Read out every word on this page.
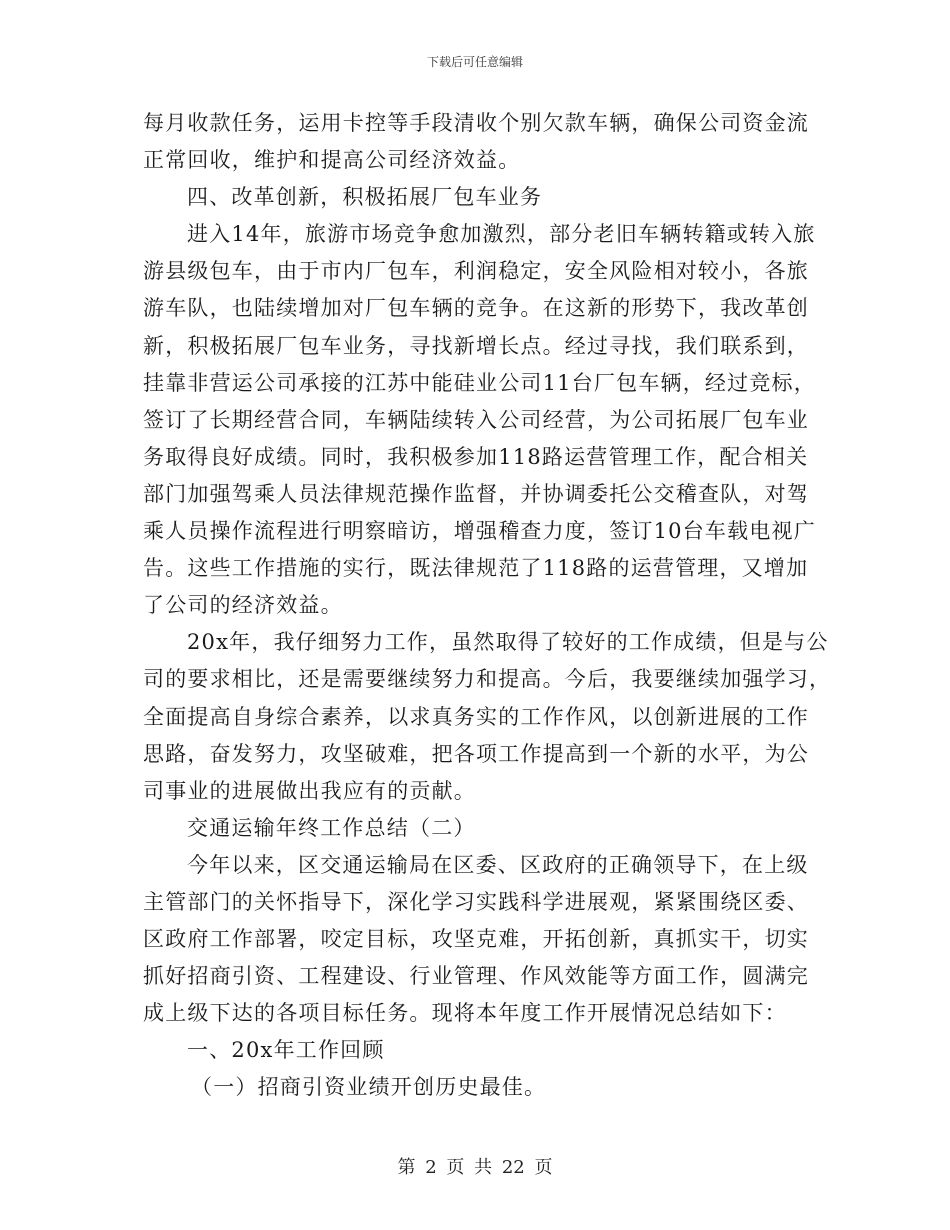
下载后可任意编辑
每月收款任务，运用卡控等手段清收个别欠款车辆，确保公司资金流
正常回收，维护和提高公司经济效益。
四、改革创新，积极拓展厂包车业务
进入14年，旅游市场竞争愈加激烈，部分老旧车辆转籍或转入旅
游县级包车，由于市内厂包车，利润稳定，安全风险相对较小，各旅
游车队，也陆续增加对厂包车辆的竞争。在这新的形势下，我改革创
新，积极拓展厂包车业务，寻找新增长点。经过寻找，我们联系到，
挂靠非营运公司承接的江苏中能硅业公司11台厂包车辆，经过竞标，
签订了长期经营合同，车辆陆续转入公司经营，为公司拓展厂包车业
务取得良好成绩。同时，我积极参加118路运营管理工作，配合相关
部门加强驾乘人员法律规范操作监督，并协调委托公交稽查队，对驾
乘人员操作流程进行明察暗访，增强稽查力度，签订10台车载电视广
告。这些工作措施的实行，既法律规范了118路的运营管理，又增加
了公司的经济效益。
20x年，我仔细努力工作，虽然取得了较好的工作成绩，但是与公
司的要求相比，还是需要继续努力和提高。今后，我要继续加强学习，
全面提高自身综合素养，以求真务实的工作作风，以创新进展的工作
思路，奋发努力，攻坚破难，把各项工作提高到一个新的水平，为公
司事业的进展做出我应有的贡献。
交通运输年终工作总结（二）
今年以来，区交通运输局在区委、区政府的正确领导下，在上级
主管部门的关怀指导下，深化学习实践科学进展观，紧紧围绕区委、
区政府工作部署，咬定目标，攻坚克难，开拓创新，真抓实干，切实
抓好招商引资、工程建设、行业管理、作风效能等方面工作，圆满完
成上级下达的各项目标任务。现将本年度工作开展情况总结如下：
一、20x年工作回顾
（一）招商引资业绩开创历史最佳。
第 2 页 共 22 页
